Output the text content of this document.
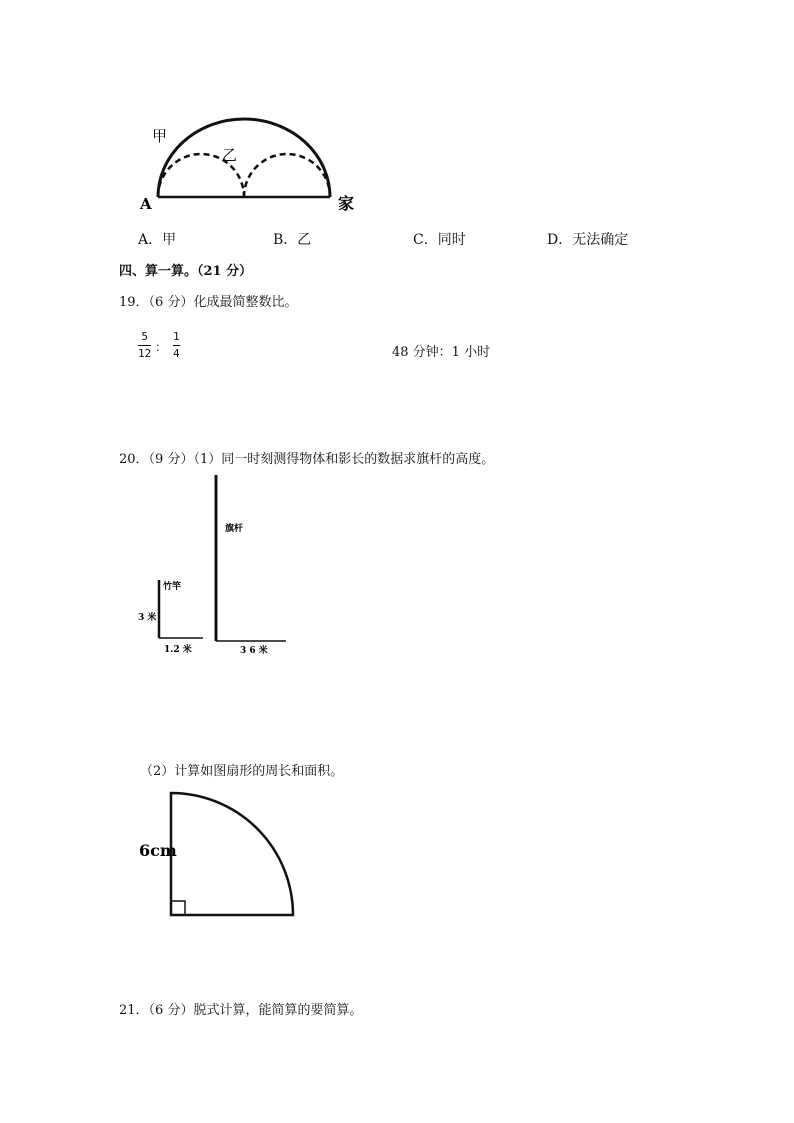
甲
乙
A	家
A．甲	B．乙	C．同时	D．无法确定
四、算一算。（21 分）
19．（6 分）化成最简整数比。
5
12 ：
1
4	48 分钟：1 小时
20．（9 分）（1）同一时刻测得物体和影长的数据求旗杆的高度。
旗杆
竹竿
3 米
1.2 米	3 6 米
（2）计算如图扇形的周长和面积。
6cm
21．（6 分）脱式计算，能简算的要简算。
